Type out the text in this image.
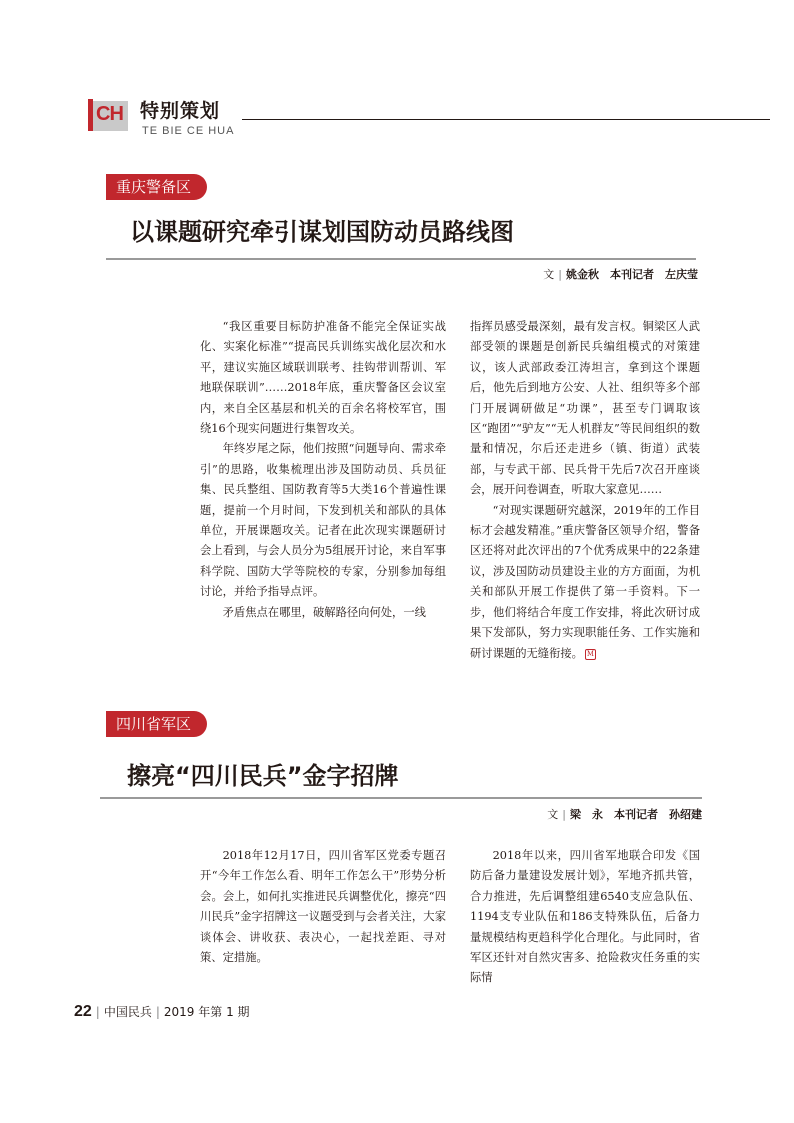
CH 特别策划
TE BIE CE HUA
重庆警备区
以课题研究牵引谋划国防动员路线图
文 | 姚金秋　本刊记者　左庆莹

“我区重要目标防护准备不能完全保证实战化、实案化标准”“提高民兵训练实战化层次和水平，建议实施区域联训联考、挂钩带训帮训、军地联保联训”……2018年底，重庆警备区会议室内，来自全区基层和机关的百余名将校军官，围绕16个现实问题进行集智攻关。

年终岁尾之际，他们按照“问题导向、需求牵引”的思路，收集梳理出涉及国防动员、兵员征集、民兵整组、国防教育等5大类16个普遍性课题，提前一个月时间，下发到机关和部队的具体单位，开展课题攻关。记者在此次现实课题研讨会上看到，与会人员分为5组展开讨论，来自军事科学院、国防大学等院校的专家，分别参加每组讨论，并给予指导点评。

矛盾焦点在哪里，破解路径向何处，一线

指挥员感受最深刻，最有发言权。铜梁区人武部受领的课题是创新民兵编组模式的对策建议，该人武部政委江涛坦言，拿到这个课题后，他先后到地方公安、人社、组织等多个部门开展调研做足“功课”，甚至专门调取该区“跑团”“驴友”“无人机群友”等民间组织的数量和情况，尔后还走进乡（镇、街道）武装部，与专武干部、民兵骨干先后7次召开座谈会，展开问卷调查，听取大家意见……

“对现实课题研究越深，2019年的工作目标才会越发精准。”重庆警备区领导介绍，警备区还将对此次评出的7个优秀成果中的22条建议，涉及国防动员建设主业的方方面面，为机关和部队开展工作提供了第一手资料。下一步，他们将结合年度工作安排，将此次研讨成果下发部队，努力实现职能任务、工作实施和研讨课题的无缝衔接。 M

四川省军区
擦亮“四川民兵”金字招牌
文 | 梁　永　本刊记者　孙绍建

2018年12月17日，四川省军区党委专题召开“今年工作怎么看、明年工作怎么干”形势分析会。会上，如何扎实推进民兵调整优化，擦亮“四川民兵”金字招牌这一议题受到与会者关注，大家谈体会、讲收获、表决心，一起找差距、寻对策、定措施。

2018年以来，四川省军地联合印发《国防后备力量建设发展计划》，军地齐抓共管，合力推进，先后调整组建6540支应急队伍、1194支专业队伍和186支特殊队伍，后备力量规模结构更趋科学化合理化。与此同时，省军区还针对自然灾害多、抢险救灾任务重的实际情

22 | 中国民兵 | 2019 年第 1 期
